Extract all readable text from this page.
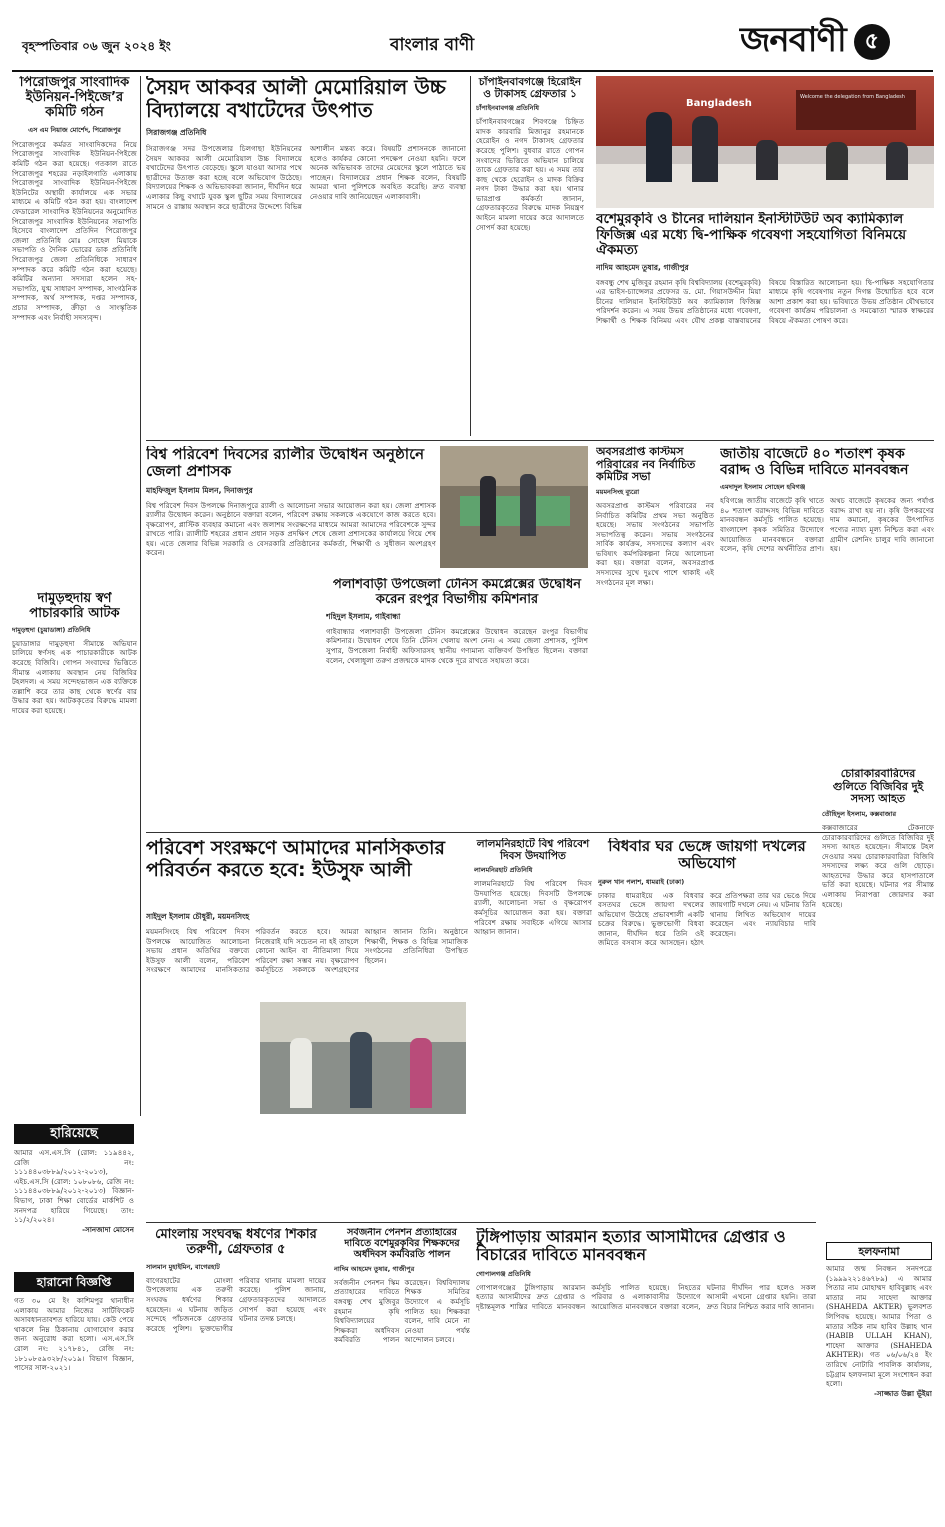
বৃহস্পতিবার ০৬ জুন ২০২৪ ইং	বাংলার বাণী	জনবাণী ৫
পিরোজপুর সাংবাদিক ইউনিয়ন-পিইজে’র কমিটি গঠন
এস এম নিয়াজ মোর্শেদ, পিরোজপুর
পিরোজপুরে কর্মরত সাংবাদিকদের নিয়ে পিরোজপুর সাংবাদিক ইউনিয়ন-পিইজে কমিটি গঠন করা হয়েছে। গতকাল রাতে পিরোজপুর শহরের নড়াইলগাতি এলাকায় পিরোজপুর সাংবাদিক ইউনিয়ন-পিইজে ইউনিটের অস্থায়ী কার্যালয়ে এক সভার মাধ্যমে এ কমিটি গঠন করা হয়। বাংলাদেশ ফেডারেল সাংবাদিক ইউনিয়নের অনুমোদিত পিরোজপুর সাংবাদিক ইউনিয়নের সভাপতি হিসেবে বাংলাদেশ প্রতিদিন পিরোজপুর জেলা প্রতিনিধি মোঃ সোহেল মিয়াকে সভাপতি ও দৈনিক ভোরের ডাক প্রতিনিধি পিরোজপুর জেলা প্রতিনিধিকে সাধারণ সম্পাদক করে কমিটি গঠন করা হয়েছে। কমিটির অন্যান্য সদস্যরা হলেন সহ-সভাপতি, যুগ্ম সাধারণ সম্পাদক, সাংগঠনিক সম্পাদক, অর্থ সম্পাদক, দপ্তর সম্পাদক, প্রচার সম্পাদক, ক্রীড়া ও সাংস্কৃতিক সম্পাদক এবং নির্বাহী সদস্যবৃন্দ।
সৈয়দ আকবর আলী মেমোরিয়াল উচ্চ বিদ্যালয়ে বখাটেদের উৎপাত
সিরাজগঞ্জ প্রতিনিধি
সিরাজগঞ্জ সদর উপজেলার চিলগাছা ইউনিয়নের সৈয়দ আকবর আলী মেমোরিয়াল উচ্চ বিদ্যালয়ে বখাটেদের উৎপাত বেড়েছে। স্কুলে যাওয়া আসার পথে ছাত্রীদের উত্যক্ত করা হচ্ছে বলে অভিযোগ উঠেছে। বিদ্যালয়ের শিক্ষক ও অভিভাবকরা জানান, দীর্ঘদিন ধরে এলাকার কিছু বখাটে যুবক স্কুল ছুটির সময় বিদ্যালয়ের সামনে ও রাস্তায় অবস্থান করে ছাত্রীদের উদ্দেশ্যে বিভিন্ন অশালীন মন্তব্য করে। বিষয়টি প্রশাসনকে জানানো হলেও কার্যকর কোনো পদক্ষেপ নেওয়া হয়নি। ফলে অনেক অভিভাবক তাদের মেয়েদের স্কুলে পাঠাতে ভয় পাচ্ছেন। বিদ্যালয়ের প্রধান শিক্ষক বলেন, বিষয়টি আমরা থানা পুলিশকে অবহিত করেছি। দ্রুত ব্যবস্থা নেওয়ার দাবি জানিয়েছেন এলাকাবাসী।
চাঁপাইনবাবগঞ্জে হিরোইন ও টাকাসহ গ্রেফতার ১
চাঁপাইনবাবগঞ্জ প্রতিনিধি
চাঁপাইনবাবগঞ্জের শিবগঞ্জে চিহ্নিত মাদক কারবারি মিজানুর রহমানকে হেরোইন ও নগদ টাকাসহ গ্রেফতার করেছে পুলিশ। বুধবার রাতে গোপন সংবাদের ভিত্তিতে অভিযান চালিয়ে তাকে গ্রেফতার করা হয়। এ সময় তার কাছ থেকে হেরোইন ও মাদক বিক্রির নগদ টাকা উদ্ধার করা হয়। থানার ভারপ্রাপ্ত কর্মকর্তা জানান, গ্রেফতারকৃতের বিরুদ্ধে মাদক নিয়ন্ত্রণ আইনে মামলা দায়ের করে আদালতে সোপর্দ করা হয়েছে।
Bangladesh
Welcome the delegation from Bangladesh
বশেমুরকৃবি ও চীনের দালিয়ান ইনস্টিটিউট অব ক্যামিক্যাল ফিজিক্স এর মধ্যে দ্বি-পাক্ষিক গবেষণা সহযোগিতা বিনিময়ে ঐকমত্য
নাদিম আহমেদ তুষার, গাজীপুর
বঙ্গবন্ধু শেখ মুজিবুর রহমান কৃষি বিশ্ববিদ্যালয় (বশেমুরকৃবি) এর ভাইস-চ্যান্সেলর প্রফেসর ড. মো. গিয়াসউদ্দীন মিয়া চীনের দালিয়ান ইনস্টিটিউট অব ক্যামিক্যাল ফিজিক্স পরিদর্শন করেন। এ সময় উভয় প্রতিষ্ঠানের মধ্যে গবেষণা, শিক্ষার্থী ও শিক্ষক বিনিময় এবং যৌথ প্রকল্প বাস্তবায়নের বিষয়ে বিস্তারিত আলোচনা হয়। দ্বি-পাক্ষিক সহযোগিতার মাধ্যমে কৃষি গবেষণায় নতুন দিগন্ত উন্মোচিত হবে বলে আশা প্রকাশ করা হয়। ভবিষ্যতে উভয় প্রতিষ্ঠান যৌথভাবে গবেষণা কার্যক্রম পরিচালনা ও সমঝোতা স্মারক স্বাক্ষরের বিষয়ে ঐকমত্য পোষণ করে।
বিশ্ব পরিবেশ দিবসের র‍্যালীর উদ্বোধন অনুষ্ঠানে জেলা প্রশাসক
মাহফিজুল ইসলাম মিলন, দিনাজপুর
বিশ্ব পরিবেশ দিবস উপলক্ষে দিনাজপুরে র‍্যালী ও আলোচনা সভার আয়োজন করা হয়। জেলা প্রশাসক র‍্যালীর উদ্বোধন করেন। অনুষ্ঠানে বক্তারা বলেন, পরিবেশ রক্ষায় সকলকে একযোগে কাজ করতে হবে। বৃক্ষরোপণ, প্লাস্টিক ব্যবহার কমানো এবং জলাশয় সংরক্ষণের মাধ্যমে আমরা আমাদের পরিবেশকে সুন্দর রাখতে পারি। র‍্যালীটি শহরের প্রধান প্রধান সড়ক প্রদক্ষিণ শেষে জেলা প্রশাসকের কার্যালয়ে গিয়ে শেষ হয়। এতে জেলার বিভিন্ন সরকারি ও বেসরকারি প্রতিষ্ঠানের কর্মকর্তা, শিক্ষার্থী ও সুধীজন অংশগ্রহণ করেন।
অবসরপ্রাপ্ত কাস্টমস পরিবারের নব নির্বাচিত কমিটির সভা
ময়মনসিংহ ব্যুরো
অবসরপ্রাপ্ত কাস্টমস পরিবারের নব নির্বাচিত কমিটির প্রথম সভা অনুষ্ঠিত হয়েছে। সভায় সংগঠনের সভাপতি সভাপতিত্ব করেন। সভায় সংগঠনের সার্বিক কার্যক্রম, সদস্যদের কল্যাণ এবং ভবিষ্যৎ কর্মপরিকল্পনা নিয়ে আলোচনা করা হয়। বক্তারা বলেন, অবসরপ্রাপ্ত সদস্যদের সুখে দুঃখে পাশে থাকাই এই সংগঠনের মূল লক্ষ্য।
জাতীয় বাজেটে ৪০ শতাংশ কৃষক বরাদ্দ ও বিভিন্ন দাবিতে মানববন্ধন
এমদাদুল ইসলাম সোহেল হবিগঞ্জ
হবিগঞ্জে জাতীয় বাজেটে কৃষি খাতে ৪০ শতাংশ বরাদ্দসহ বিভিন্ন দাবিতে মানববন্ধন কর্মসূচি পালিত হয়েছে। বাংলাদেশ কৃষক সমিতির উদ্যোগে আয়োজিত মানববন্ধনে বক্তারা বলেন, কৃষি দেশের অর্থনীতির প্রাণ। অথচ বাজেটে কৃষকের জন্য পর্যাপ্ত বরাদ্দ রাখা হয় না। কৃষি উপকরণের দাম কমানো, কৃষকের উৎপাদিত পণ্যের ন্যায্য মূল্য নিশ্চিত করা এবং গ্রামীণ রেশনিং চালুর দাবি জানানো হয়।
পলাশবাড়ী উপজেলা টেনিস কমপ্লেক্সের উদ্বোধন করেন রংপুর বিভাগীয় কমিশনার
শহিদুল ইসলাম, গাইবান্ধা
গাইবান্ধার পলাশবাড়ী উপজেলা টেনিস কমপ্লেক্সের উদ্বোধন করেছেন রংপুর বিভাগীয় কমিশনার। উদ্বোধন শেষে তিনি টেনিস খেলায় অংশ নেন। এ সময় জেলা প্রশাসক, পুলিশ সুপার, উপজেলা নির্বাহী অফিসারসহ স্থানীয় গণ্যমান্য ব্যক্তিবর্গ উপস্থিত ছিলেন। বক্তারা বলেন, খেলাধুলা তরুণ প্রজন্মকে মাদক থেকে দূরে রাখতে সহায়তা করে।
দামুড়হুদায় স্বর্ণ পাচারকারি আটক
দামুড়হুদা (চুয়াডাঙ্গা) প্রতিনিধি
চুয়াডাঙ্গার দামুড়হুদা সীমান্তে অভিযান চালিয়ে স্বর্ণসহ এক পাচারকারীকে আটক করেছে বিজিবি। গোপন সংবাদের ভিত্তিতে সীমান্ত এলাকায় অবস্থান নেয় বিজিবির টহলদল। এ সময় সন্দেহভাজন এক ব্যক্তিকে তল্লাশি করে তার কাছ থেকে স্বর্ণের বার উদ্ধার করা হয়। আটককৃতের বিরুদ্ধে মামলা দায়ের করা হয়েছে।
পরিবেশ সংরক্ষণে আমাদের মানসিকতার পরিবর্তন করতে হবে: ইউসুফ আলী
সাইদুল ইসলাম চৌধুরী, ময়মনসিংহ
ময়মনসিংহে বিশ্ব পরিবেশ দিবস উপলক্ষে আয়োজিত আলোচনা সভায় প্রধান অতিথির বক্তব্যে ইউসুফ আলী বলেন, পরিবেশ সংরক্ষণে আমাদের মানসিকতার পরিবর্তন করতে হবে। আমরা নিজেরাই যদি সচেতন না হই তাহলে কোনো আইন বা নীতিমালা দিয়ে পরিবেশ রক্ষা সম্ভব নয়। বৃক্ষরোপণ কর্মসূচিতে সকলকে অংশগ্রহণের আহ্বান জানান তিনি। অনুষ্ঠানে শিক্ষার্থী, শিক্ষক ও বিভিন্ন সামাজিক সংগঠনের প্রতিনিধিরা উপস্থিত ছিলেন।
লালমনিরহাটে বিশ্ব পরিবেশ দিবস উদযাপিত
লালমনিরহাট প্রতিনিধি
লালমনিরহাটে বিশ্ব পরিবেশ দিবস উদযাপিত হয়েছে। দিবসটি উপলক্ষে র‍্যালী, আলোচনা সভা ও বৃক্ষরোপণ কর্মসূচির আয়োজন করা হয়। বক্তারা পরিবেশ রক্ষায় সবাইকে এগিয়ে আসার আহ্বান জানান।
বিধবার ঘর ভেঙ্গে জায়গা দখলের অভিযোগ
নুরুল খান পলাশ, ধামরাই (ঢাকা)
ঢাকার ধামরাইয়ে এক বিধবার বসতঘর ভেঙ্গে জায়গা দখলের অভিযোগ উঠেছে প্রভাবশালী একটি চক্রের বিরুদ্ধে। ভুক্তভোগী বিধবা জানান, দীর্ঘদিন ধরে তিনি ওই জমিতে বসবাস করে আসছেন। হঠাৎ করে প্রতিপক্ষরা তার ঘর ভেঙে দিয়ে জায়গাটি দখলে নেয়। এ ঘটনায় তিনি থানায় লিখিত অভিযোগ দায়ের করেছেন এবং ন্যায়বিচার দাবি করেছেন।
চোরাকারবারিদের গুলিতে বিজিবির দুই সদস্য আহত
তৌহিদুল ইসলাম, কক্সবাজার
কক্সবাজারের টেকনাফে চোরাকারবারিদের গুলিতে বিজিবির দুই সদস্য আহত হয়েছেন। সীমান্তে টহল দেওয়ার সময় চোরাকারবারিরা বিজিবি সদস্যদের লক্ষ্য করে গুলি ছোড়ে। আহতদের উদ্ধার করে হাসপাতালে ভর্তি করা হয়েছে। ঘটনার পর সীমান্ত এলাকায় নিরাপত্তা জোরদার করা হয়েছে।
মোংলায় সংঘবদ্ধ ধর্ষণের শিকার তরুণী, গ্রেফতার ৫
সালমান মুহাইমিন, বাগেরহাট
বাগেরহাটের মোংলা উপজেলায় এক তরুণী সংঘবদ্ধ ধর্ষণের শিকার হয়েছেন। এ ঘটনায় জড়িত সন্দেহে পাঁচজনকে গ্রেফতার করেছে পুলিশ। ভুক্তভোগীর পরিবার থানায় মামলা দায়ের করেছে। পুলিশ জানায়, গ্রেফতারকৃতদের আদালতে সোপর্দ করা হয়েছে এবং ঘটনার তদন্ত চলছে।
সর্বজনীন পেনশন প্রত্যাহারের দাবিতে বশেমুরকৃবির শিক্ষকদের অর্ধদিবস কর্মবিরতি পালন
নাদিম আহমেদ তুষার, গাজীপুর
সর্বজনীন পেনশন স্কিম প্রত্যাহারের দাবিতে বঙ্গবন্ধু শেখ মুজিবুর রহমান কৃষি বিশ্ববিদ্যালয়ের শিক্ষকরা অর্ধদিবস কর্মবিরতি পালন করেছেন। বিশ্ববিদ্যালয় শিক্ষক সমিতির উদ্যোগে এ কর্মসূচি পালিত হয়। শিক্ষকরা বলেন, দাবি মেনে না নেওয়া পর্যন্ত আন্দোলন চলবে।
টুঙ্গিপাড়ায় আরমান হত্যার আসামীদের গ্রেপ্তার ও বিচারের দাবিতে মানববন্ধন
গোপালগঞ্জ প্রতিনিধি
গোপালগঞ্জের টুঙ্গিপাড়ায় আরমান হত্যার আসামীদের দ্রুত গ্রেপ্তার ও দৃষ্টান্তমূলক শাস্তির দাবিতে মানববন্ধন কর্মসূচি পালিত হয়েছে। নিহতের পরিবার ও এলাকাবাসীর উদ্যোগে আয়োজিত মানববন্ধনে বক্তারা বলেন, ঘটনার দীর্ঘদিন পার হলেও সকল আসামী এখনো গ্রেপ্তার হয়নি। তারা দ্রুত বিচার নিশ্চিত করার দাবি জানান।
হারিয়েছে
আমার এস.এস.সি (রোল: ১১৯৪৪২, রেজি নং: ১১১৪৪০৩৮৮৯/২০১২-২০১৩), এইচ.এস.সি (রোল: ১০৮০৮৬, রেজি নং: ১১১৪৪০৩৮৮৯/২০১২-২০১৩) বিজ্ঞান-বিভাগ, ঢাকা শিক্ষা বোর্ডের মার্কশিট ও সনদপত্র হারিয়ে গিয়েছে। তাং: ১১/২/২০২৪।
-সানজাদা মোসেন
হারানো বিজ্ঞপ্তি
গত ৩০ মে ইং কাশিমপুর থানাধীন এলাকায় আমার নিজের সার্টিফিকেট অসাবধানতাবশত হারিয়ে যায়। কেউ পেয়ে থাকলে নিম্ন ঠিকানায় যোগাযোগ করার জন্য অনুরোধ করা হলো। এস.এস.সি রোল নং: ২১৭৮৪১, রেজি নং: ১৮১০৮৫৯৩২৮/২০১৯। বিভাগ বিজ্ঞান, পাসের সাল-২০২১।
হলফনামা
আমার জন্ম নিবন্ধন সনদপত্রে (১৯৯৯২২১৪৬৭৮৯) এ আমার পিতার নাম মোহাম্মদ হাবিবুল্লাহ এবং মাতার নাম সাহেদা আক্তার (SHAHEDA AKTER) ভুলবশত লিপিবদ্ধ হয়েছে। আমার পিতা ও মাতার সঠিক নাম হাবিব উল্লাহ খান (HABIB ULLAH KHAN), শাহেদা আক্তার (SHAHEDA AKHTER)। গত ০৬/০৬/২৪ ইং তারিখে নোটারি পাবলিক কার্যালয়, চট্টগ্রাম হলফনামা মূলে সংশোধন করা হলো।
-সাজ্জাত উল্লা ভূঁইয়া
